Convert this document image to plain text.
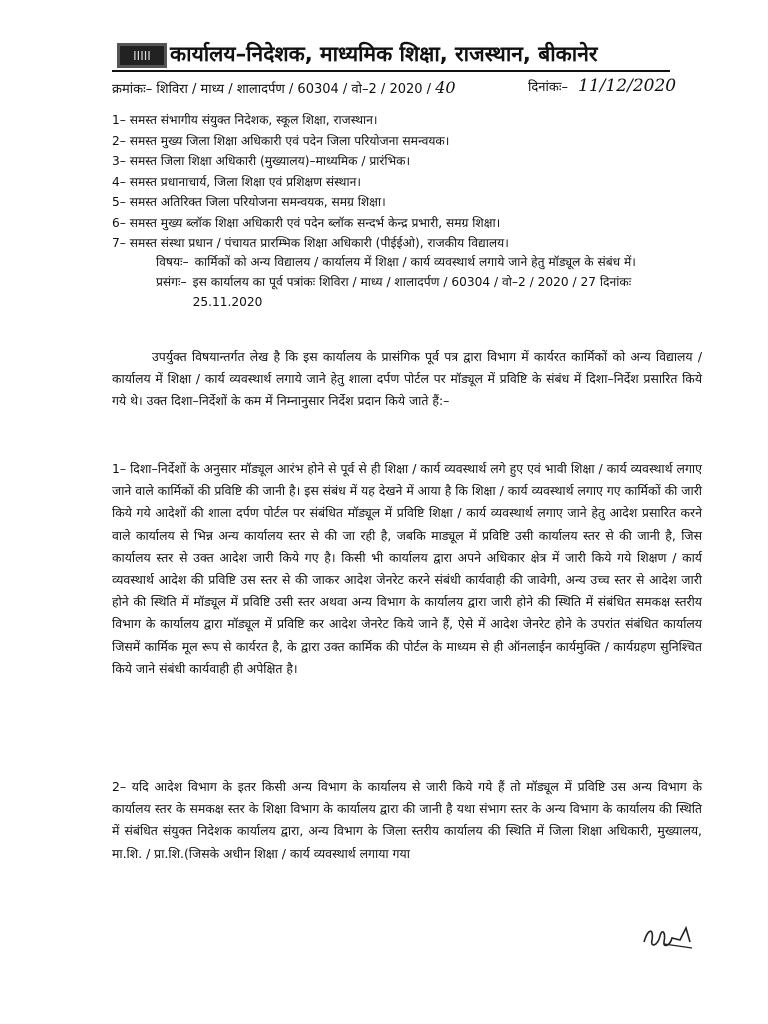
IIIII कार्यालय–निदेशक, माध्यमिक शिक्षा, राजस्थान, बीकानेर
क्रमांकः– शिविरा / माध्य / शालादर्पण / 60304 / वो–2 / 2020 / 40	दिनांकः– 11/12/2020
1– समस्त संभागीय संयुक्त निदेशक, स्कूल शिक्षा, राजस्थान।
2– समस्त मुख्य जिला शिक्षा अधिकारी एवं पदेन जिला परियोजना समन्वयक।
3– समस्त जिला शिक्षा अधिकारी (मुख्यालय)–माध्यमिक / प्रारंभिक।
4– समस्त प्रधानाचार्य, जिला शिक्षा एवं प्रशिक्षण संस्थान।
5– समस्त अतिरिक्त जिला परियोजना समन्वयक, समग्र शिक्षा।
6– समस्त मुख्य ब्लॉक शिक्षा अधिकारी एवं पदेन ब्लॉक सन्दर्भ केन्द्र प्रभारी, समग्र शिक्षा।
7– समस्त संस्था प्रधान / पंचायत प्रारम्भिक शिक्षा अधिकारी (पीईईओ), राजकीय विद्यालय।
विषयः– कार्मिकों को अन्य विद्यालय / कार्यालय में शिक्षा / कार्य व्यवस्थार्थ लगाये जाने हेतु मॉड्यूल के संबंध में।
प्रसंगः– इस कार्यालय का पूर्व पत्रांकः शिविरा / माध्य / शालादर्पण / 60304 / वो–2 / 2020 / 27 दिनांकः 25.11.2020
उपर्युक्त विषयान्तर्गत लेख है कि इस कार्यालय के प्रासंगिक पूर्व पत्र द्वारा विभाग में कार्यरत कार्मिकों को अन्य विद्यालय / कार्यालय में शिक्षा / कार्य व्यवस्थार्थ लगाये जाने हेतु शाला दर्पण पोर्टल पर मॉड्यूल में प्रविष्टि के संबंध में दिशा–निर्देश प्रसारित किये गये थे। उक्त दिशा–निर्देशों के कम में निम्नानुसार निर्देश प्रदान किये जाते हैं:–
1– दिशा–निर्देशों के अनुसार मॉड्यूल आरंभ होने से पूर्व से ही शिक्षा / कार्य व्यवस्थार्थ लगे हुए एवं भावी शिक्षा / कार्य व्यवस्थार्थ लगाए जाने वाले कार्मिकों की प्रविष्टि की जानी है। इस संबंध में यह देखने में आया है कि शिक्षा / कार्य व्यवस्थार्थ लगाए गए कार्मिकों की जारी किये गये आदेशों की शाला दर्पण पोर्टल पर संबंधित मॉड्यूल में प्रविष्टि शिक्षा / कार्य व्यवस्थार्थ लगाए जाने हेतु आदेश प्रसारित करने वाले कार्यालय से भिन्न अन्य कार्यालय स्तर से की जा रही है, जबकि माड्यूल में प्रविष्टि उसी कार्यालय स्तर से की जानी है, जिस कार्यालय स्तर से उक्त आदेश जारी किये गए है। किसी भी कार्यालय द्वारा अपने अधिकार क्षेत्र में जारी किये गये शिक्षण / कार्य व्यवस्थार्थ आदेश की प्रविष्टि उस स्तर से की जाकर आदेश जेनरेट करने संबंधी कार्यवाही की जावेगी, अन्य उच्च स्तर से आदेश जारी होने की स्थिति में मॉड्यूल में प्रविष्टि उसी स्तर अथवा अन्य विभाग के कार्यालय द्वारा जारी होने की स्थिति में संबंधित समकक्ष स्तरीय विभाग के कार्यालय द्वारा मॉड्यूल में प्रविष्टि कर आदेश जेनरेट किये जाने हैं, ऐसे में आदेश जेनरेट होने के उपरांत संबंधित कार्यालय जिसमें कार्मिक मूल रूप से कार्यरत है, के द्वारा उक्त कार्मिक की पोर्टल के माध्यम से ही ऑनलाईन कार्यमुक्ति / कार्यग्रहण सुनिश्चित किये जाने संबंधी कार्यवाही ही अपेक्षित है।
2– यदि आदेश विभाग के इतर किसी अन्य विभाग के कार्यालय से जारी किये गये हैं तो मॉड्यूल में प्रविष्टि उस अन्य विभाग के कार्यालय स्तर के समकक्ष स्तर के शिक्षा विभाग के कार्यालय द्वारा की जानी है यथा संभाग स्तर के अन्य विभाग के कार्यालय की स्थिति में संबंधित संयुक्त निदेशक कार्यालय द्वारा, अन्य विभाग के जिला स्तरीय कार्यालय की स्थिति में जिला शिक्षा अधिकारी, मुख्यालय, मा.शि. / प्रा.शि.(जिसके अधीन शिक्षा / कार्य व्यवस्थार्थ लगाया गया
